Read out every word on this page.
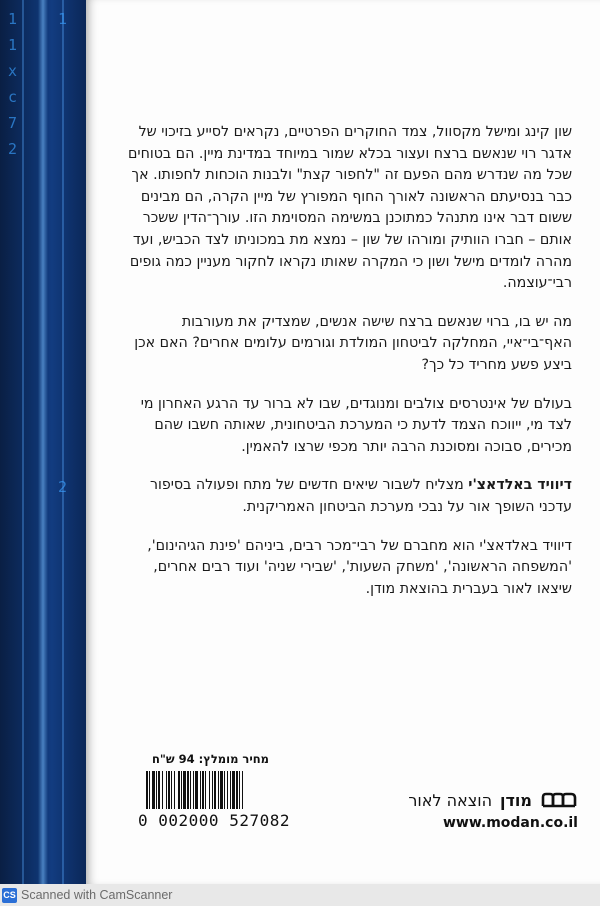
1
1
x
c
7
2

1

2

שון קינג ומישל מקסוול, צמד החוקרים הפרטיים, נקראים לסייע בזיכוי של אדגר רוי שנאשם ברצח ועצור בכלא שמור במיוחד במדינת מיין. הם בטוחים שכל מה שנדרש מהם הפעם זה "לחפור קצת" ולבנות הוכחות לחפותו. אך כבר בנסיעתם הראשונה לאורך החוף המפורץ של מיין הקרה, הם מבינים ששום דבר אינו מתנהל כמתוכנן במשימה המסוימת הזו. עורך־הדין ששכר אותם – חברו הוותיק ומורהו של שון – נמצא מת במכוניתו לצד הכביש, ועד מהרה לומדים מישל ושון כי המקרה שאותו נקראו לחקור מעניין כמה גופים רבי־עוצמה.

מה יש בו, ברוי שנאשם ברצח שישה אנשים, שמצדיק את מעורבות האף־בי־איי, המחלקה לביטחון המולדת וגורמים עלומים אחרים? האם אכן ביצע פשע מחריד כל כך?

בעולם של אינטרסים צולבים ומנוגדים, שבו לא ברור עד הרגע האחרון מי לצד מי, ייווכח הצמד לדעת כי המערכת הביטחונית, שאותה חשבו שהם מכירים, סבוכה ומסוכנת הרבה יותר מכפי שרצו להאמין.

דיוויד באלדאצ'י מצליח לשבור שיאים חדשים של מתח ופעולה בסיפור עדכני השופך אור על נבכי מערכת הביטחון האמריקנית.

דיוויד באלדאצ'י הוא מחברם של רבי־מכר רבים, ביניהם 'פינת הגיהינום', 'המשפחה הראשונה', 'משחק השעות', 'שבירי שניה' ועוד רבים אחרים, שיצאו לאור בעברית בהוצאת מודן.

מחיר מומלץ: 94 ש"ח
0 002000 527082
הוצאה לאור מודן
www.modan.co.il
CS Scanned with CamScanner
